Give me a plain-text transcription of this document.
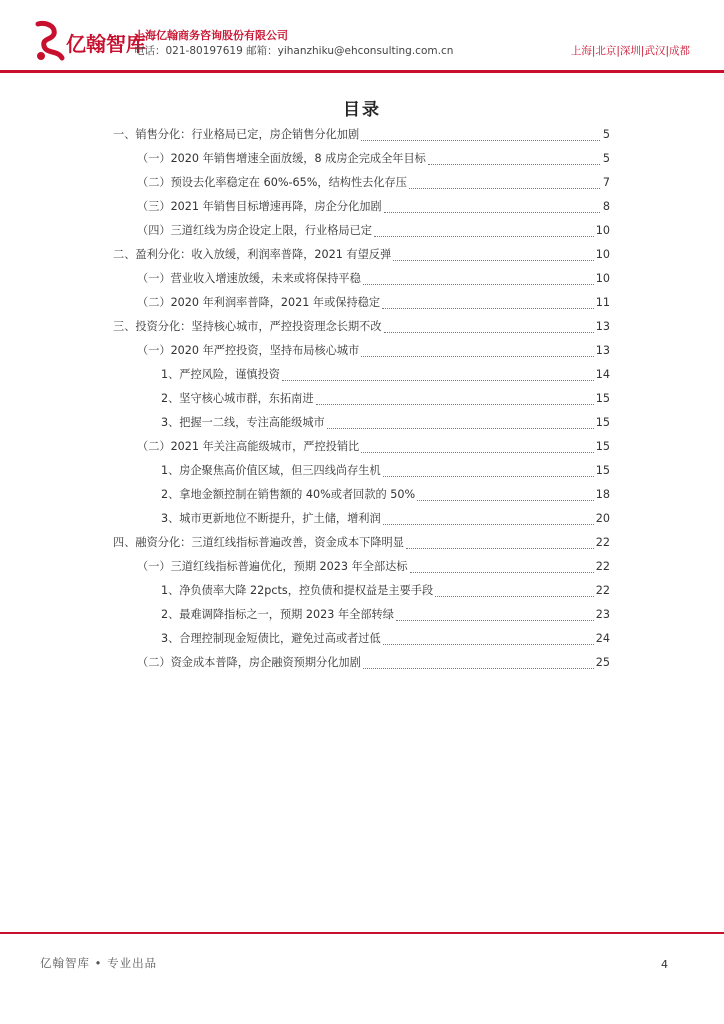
亿翰智库
上海亿翰商务咨询股份有限公司
电话：021-80197619 邮箱：yihanzhiku@ehconsulting.com.cn	上海|北京|深圳|武汉|成都
目录
一、销售分化：行业格局已定，房企销售分化加剧	5
（一）2020 年销售增速全面放缓，8 成房企完成全年目标	5
（二）预设去化率稳定在 60%-65%，结构性去化存压	7
（三）2021 年销售目标增速再降，房企分化加剧	8
（四）三道红线为房企设定上限，行业格局已定	10
二、盈利分化：收入放缓，利润率普降，2021 有望反弹	10
（一）营业收入增速放缓，未来或将保持平稳	10
（二）2020 年利润率普降，2021 年或保持稳定	11
三、投资分化：坚持核心城市，严控投资理念长期不改	13
（一）2020 年严控投资，坚持布局核心城市	13
1、严控风险，谨慎投资	14
2、坚守核心城市群，东拓南进	15
3、把握一二线，专注高能级城市	15
（二）2021 年关注高能级城市，严控投销比	15
1、房企聚焦高价值区域，但三四线尚存生机	15
2、拿地金额控制在销售额的 40%或者回款的 50%	18
3、城市更新地位不断提升，扩土储，增利润	20
四、融资分化：三道红线指标普遍改善，资金成本下降明显	22
（一）三道红线指标普遍优化，预期 2023 年全部达标	22
1、净负债率大降 22pcts，控负债和提权益是主要手段	22
2、最难调降指标之一，预期 2023 年全部转绿	23
3、合理控制现金短债比，避免过高或者过低	24
（二）资金成本普降，房企融资预期分化加剧	25
亿翰智库 • 专业出品	4
